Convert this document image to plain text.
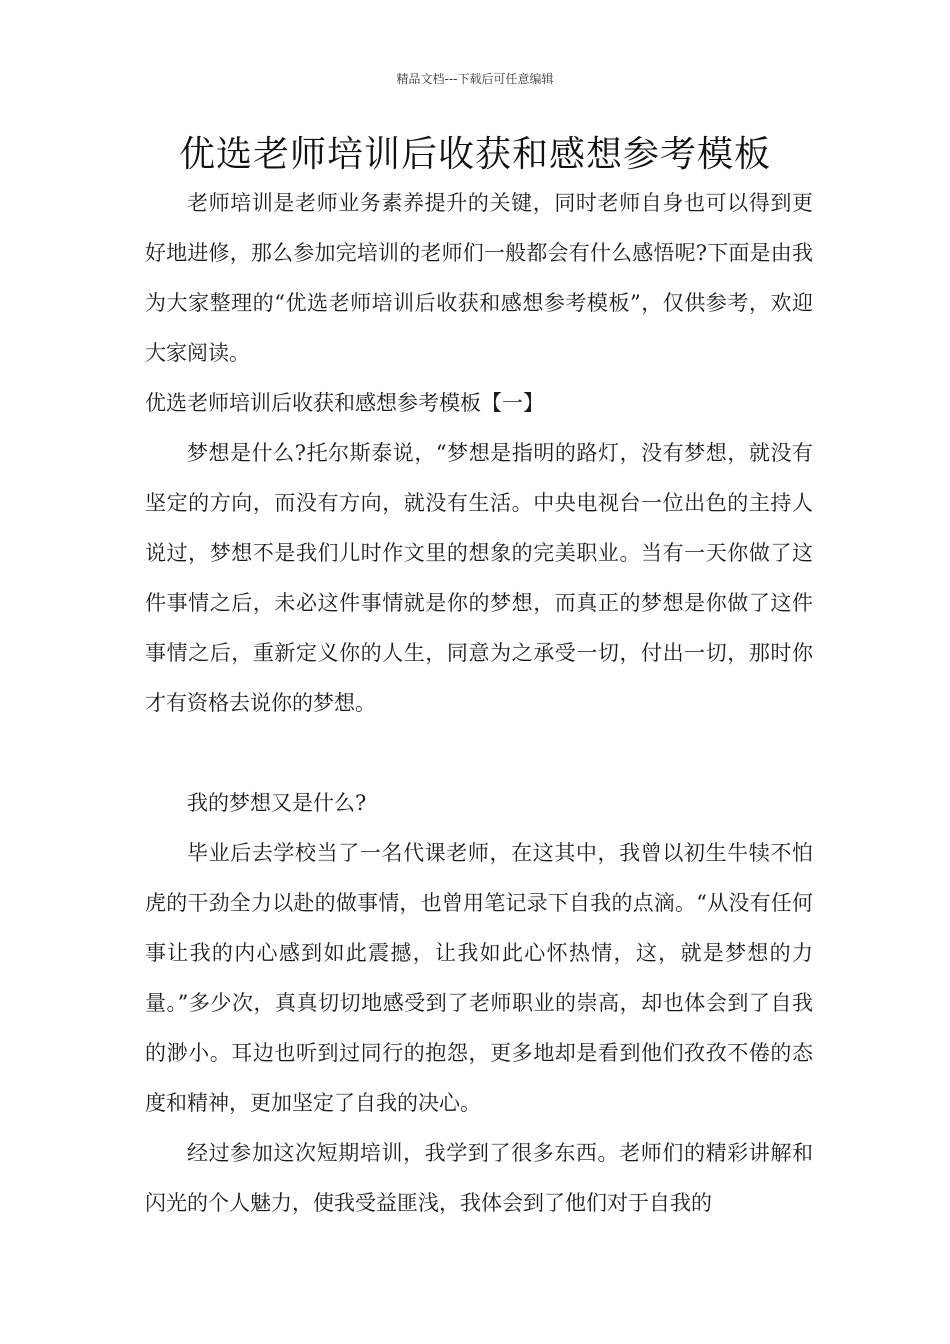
精品文档---下载后可任意编辑
优选老师培训后收获和感想参考模板

老师培训是老师业务素养提升的关键，同时老师自身也可以得到更好地进修，那么参加完培训的老师们一般都会有什么感悟呢?下面是由我为大家整理的“优选老师培训后收获和感想参考模板”，仅供参考，欢迎大家阅读。

优选老师培训后收获和感想参考模板【一】

梦想是什么?托尔斯泰说，“梦想是指明的路灯，没有梦想，就没有坚定的方向，而没有方向，就没有生活。中央电视台一位出色的主持人说过，梦想不是我们儿时作文里的想象的完美职业。当有一天你做了这件事情之后，未必这件事情就是你的梦想，而真正的梦想是你做了这件事情之后，重新定义你的人生，同意为之承受一切，付出一切，那时你才有资格去说你的梦想。

我的梦想又是什么?

毕业后去学校当了一名代课老师，在这其中，我曾以初生牛犊不怕虎的干劲全力以赴的做事情，也曾用笔记录下自我的点滴。“从没有任何事让我的内心感到如此震撼，让我如此心怀热情，这，就是梦想的力量。”多少次，真真切切地感受到了老师职业的崇高，却也体会到了自我的渺小。耳边也听到过同行的抱怨，更多地却是看到他们孜孜不倦的态度和精神，更加坚定了自我的决心。

经过参加这次短期培训，我学到了很多东西。老师们的精彩讲解和闪光的个人魅力，使我受益匪浅，我体会到了他们对于自我的
